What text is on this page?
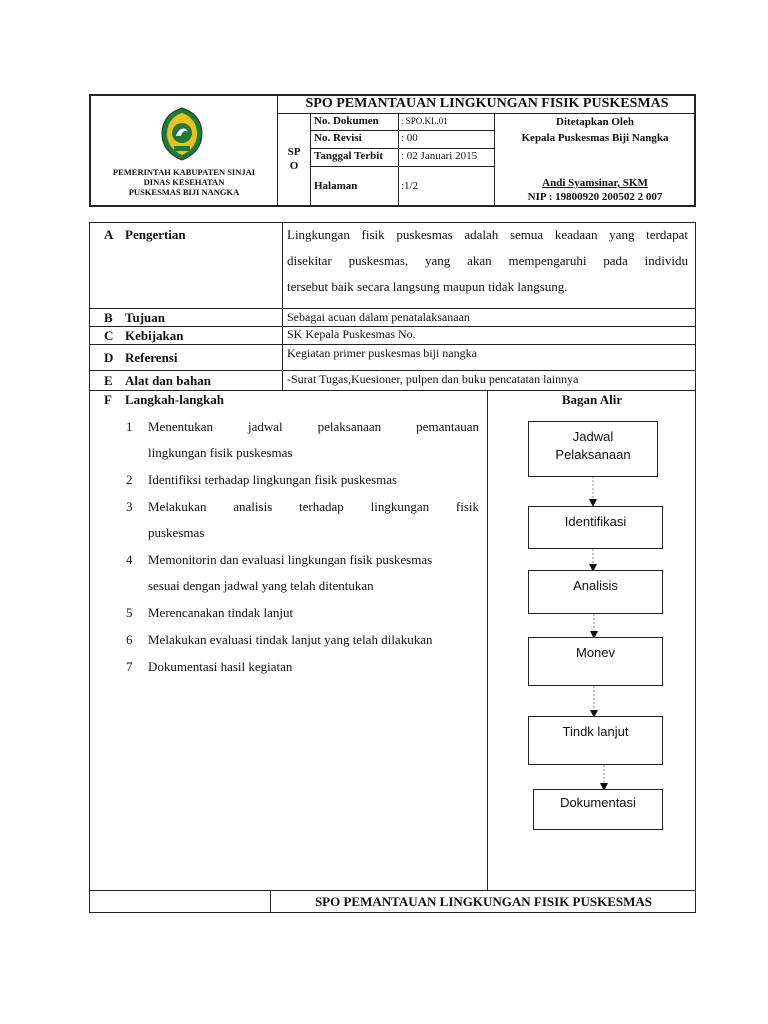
PEMERINTAH KABUPATEN SINJAI
DINAS KESEHATAN
PUSKESMAS BIJI NANGKA
SPO PEMANTAUAN LINGKUNGAN FISIK PUSKESMAS
SP
O
No. Dokumen : SPO.KL.01
No. Revisi	: 00
Tanggal Terbit : 02 Januari 2015
Halaman	:1/2
Ditetapkan Oleh
Kepala Puskesmas Biji Nangka
Andi Syamsinar, SKM
NIP : 19800920 200502 2 007
A Pengertian	Lingkungan fisik puskesmas adalah semua keadaan yang terdapat
disekitar puskesmas, yang akan mempengaruhi pada individu
tersebut baik secara langsung maupun tidak langsung.
B Tujuan	Sebagai acuan dalam penatalaksanaan
C Kebijakan	SK Kepala Puskesmas No.
D Referensi	Kegiatan primer puskesmas biji nangka
E Alat dan bahan	-Surat Tugas,Kuesioner, pulpen dan buku pencatatan lainnya
F Langkah-langkah	Bagan Alir
1 Menentukan jadwal pelaksanaan pemantauan
lingkungan fisik puskesmas
2 Identifiksi terhadap lingkungan fisik puskesmas
3 Melakukan analisis terhadap lingkungan fisik
puskesmas
4 Memonitorin dan evaluasi lingkungan fisik puskesmas
sesuai dengan jadwal yang telah ditentukan
5 Merencanakan tindak lanjut
6 Melakukan evaluasi tindak lanjut yang telah dilakukan
7 Dokumentasi hasil kegiatan
Jadwal
Pelaksanaan
Identifikasi
Analisis
Monev
Tindk lanjut
Dokumentasi
SPO PEMANTAUAN LINGKUNGAN FISIK PUSKESMAS
